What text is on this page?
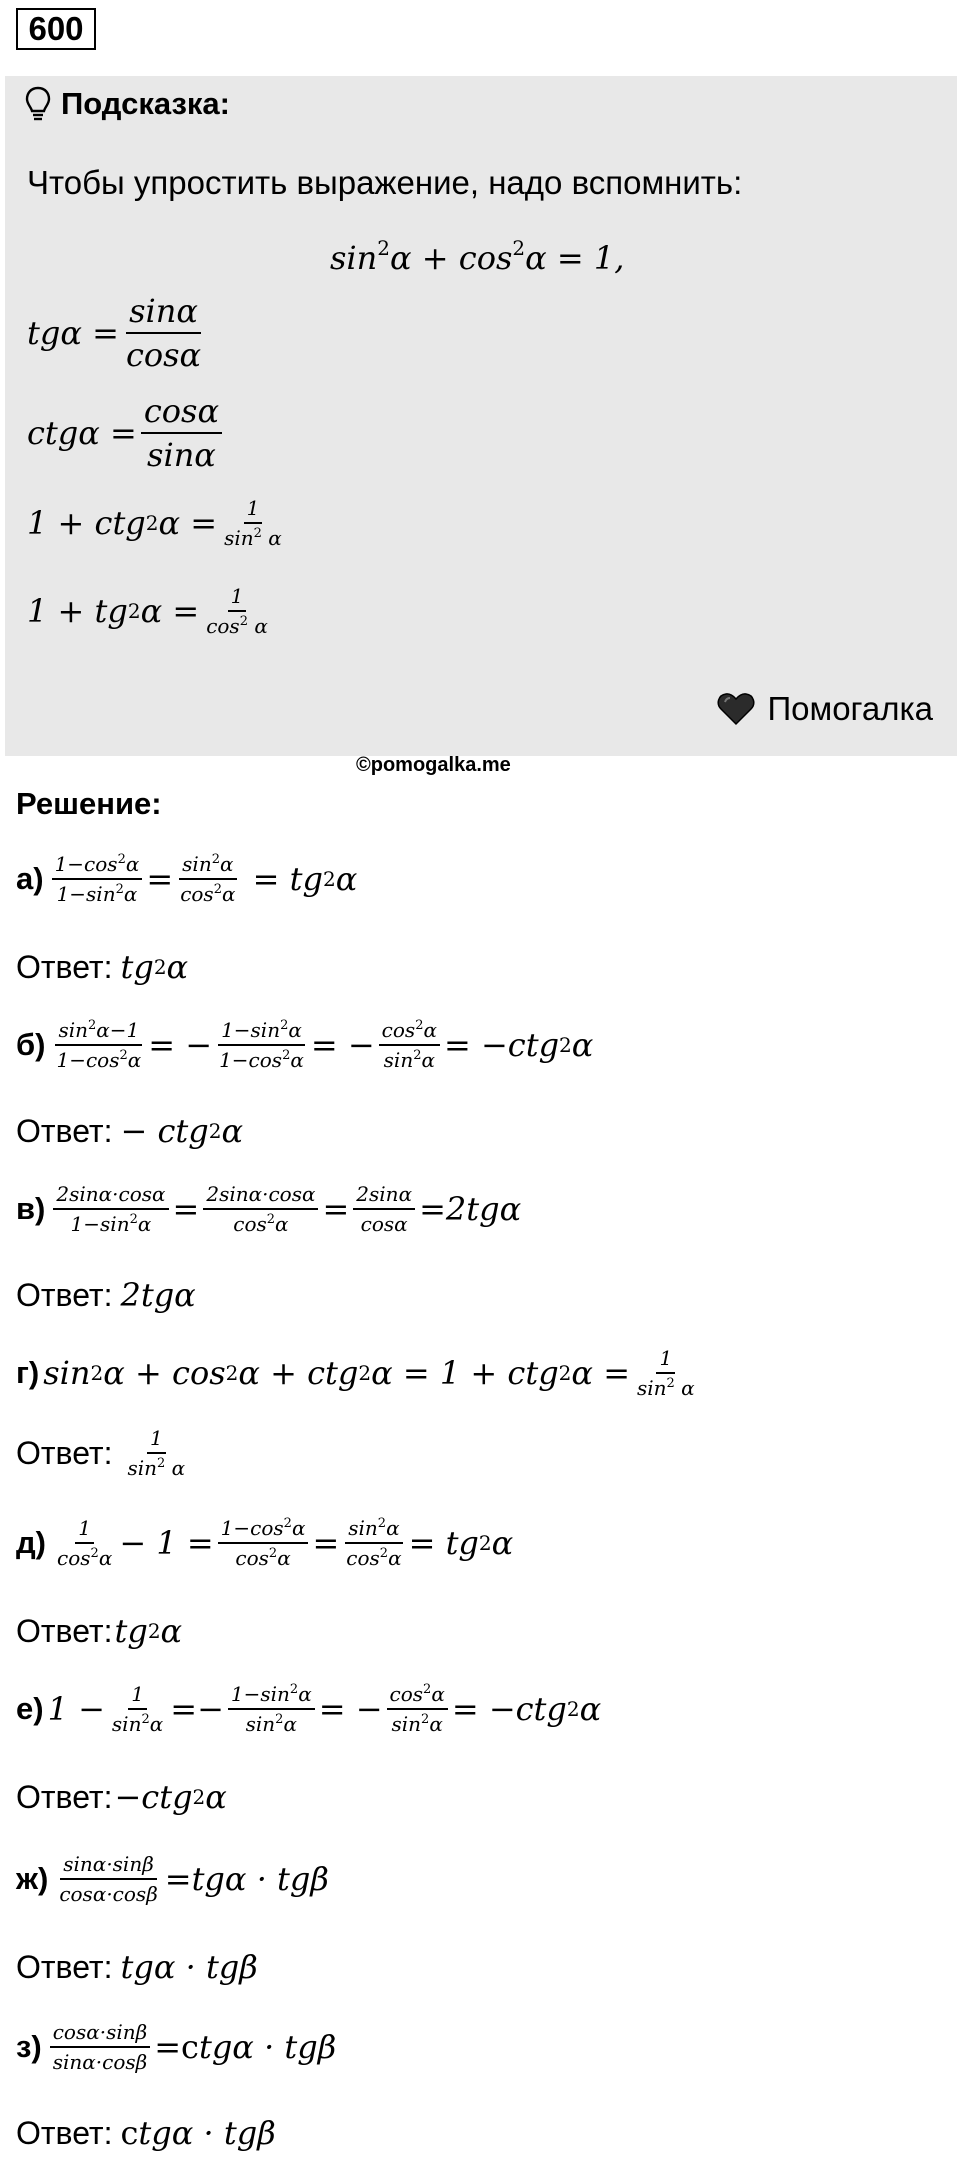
600
Подсказка:
Чтобы упростить выражение, надо вспомнить:
$\sin^2\alpha + \cos^2\alpha = 1$,
$tg\alpha = \frac{\sin\alpha}{\cos\alpha}$
$ctg\alpha = \frac{\cos\alpha}{\sin\alpha}$
1 + ctg 2 $\alpha = \frac{1}{\sin^2 \alpha}$
1 + tg 2 $\alpha = \frac{1}{\cos^2 \alpha}$
Помогалка
©pomogalka.me
Решение:
$а) \frac{1-\cos^2\alpha}{1-\sin^2\alpha} = \frac{\sin^2\alpha}{\cos^2\alpha}$ = tg 2 α
Ответ: tg 2 α
$б) \frac{\sin^2\alpha-1}{1-\cos^2\alpha}$ = − $\frac{1-\sin^2\alpha}{1-\cos^2\alpha}$ = − $\frac{\cos^2\alpha}{\sin^2\alpha} = -ctg$ 2 α
Ответ: − ctg 2 α
$в) \frac{2\sin\alpha\cdot\cos\alpha}{1-\sin^2\alpha} = \frac{2\sin\alpha\cdot\cos\alpha}{\cos^2\alpha} = \frac{2\sin\alpha}{\cos\alpha} =2tg\alpha$
Ответ: 2tgα
г) sin 2 α + cos 2 α + ctg 2 α = 1 + ctg 2 $\alpha = \frac{1}{\sin^2 \alpha}$
Ответ: $\frac{1}{\sin^2 \alpha}$
$д) \frac{1}{\cos^2\alpha} - 1 = \frac{1-\cos^2\alpha}{\cos^2\alpha} = \frac{\sin^2\alpha}{\cos^2\alpha}$ = tg 2 α
Ответ: tg 2 α
е) $1 - \frac{1}{\sin^2\alpha} =- \frac{1-\sin^2\alpha}{\sin^2\alpha}$ = − $\frac{\cos^2\alpha}{\sin^2\alpha} = -ctg$ 2 α
Ответ: −ctg 2 α
$ж) \frac{\sin\alpha\cdot\sin\beta}{\cos\alpha\cdot\cos\beta} =tg\alpha \cdot tg\beta$
Ответ: tgα · tgβ
$з) \frac{\cos\alpha\cdot\sin\beta}{\sin\alpha\cdot\cos\beta} = c$ tgα · tgβ
Ответ: c tgα · tgβ
